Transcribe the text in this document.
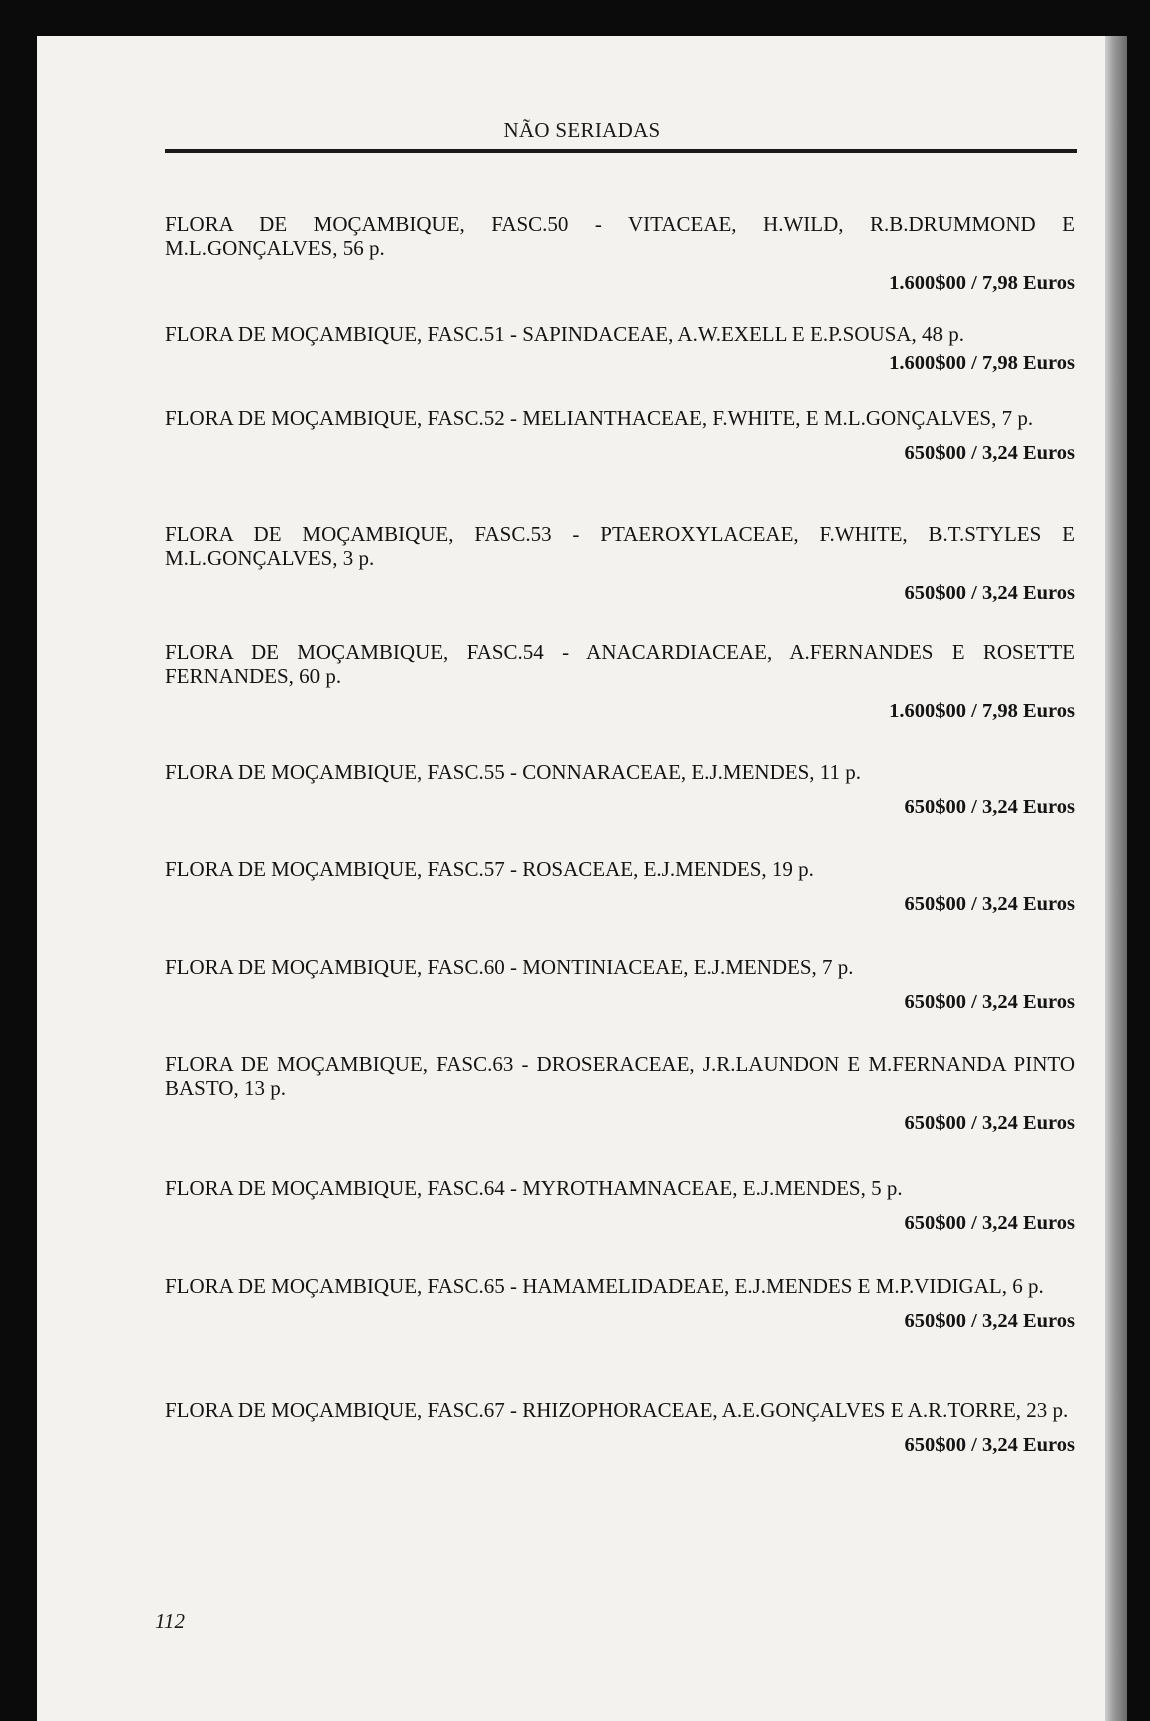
NÃO SERIADAS
FLORA DE MOÇAMBIQUE, FASC.50 - VITACEAE, H.WILD, R.B.DRUMMOND E M.L.GONÇALVES, 56 p.
1.600$00 / 7,98 Euros
FLORA DE MOÇAMBIQUE, FASC.51 - SAPINDACEAE, A.W.EXELL E E.P.SOUSA, 48 p.
1.600$00 / 7,98 Euros
FLORA DE MOÇAMBIQUE, FASC.52 - MELIANTHACEAE, F.WHITE, E M.L.GONÇALVES, 7 p.
650$00 / 3,24 Euros
FLORA DE MOÇAMBIQUE, FASC.53 - PTAEROXYLACEAE, F.WHITE, B.T.STYLES E M.L.GONÇALVES, 3 p.
650$00 / 3,24 Euros
FLORA DE MOÇAMBIQUE, FASC.54 - ANACARDIACEAE, A.FERNANDES E ROSETTE FERNANDES, 60 p.
1.600$00 / 7,98 Euros
FLORA DE MOÇAMBIQUE, FASC.55 - CONNARACEAE, E.J.MENDES, 11 p.
650$00 / 3,24 Euros
FLORA DE MOÇAMBIQUE, FASC.57 - ROSACEAE, E.J.MENDES, 19 p.
650$00 / 3,24 Euros
FLORA DE MOÇAMBIQUE, FASC.60 - MONTINIACEAE, E.J.MENDES, 7 p.
650$00 / 3,24 Euros
FLORA DE MOÇAMBIQUE, FASC.63 - DROSERACEAE, J.R.LAUNDON E M.FERNANDA PINTO BASTO, 13 p.
650$00 / 3,24 Euros
FLORA DE MOÇAMBIQUE, FASC.64 - MYROTHAMNACEAE, E.J.MENDES, 5 p.
650$00 / 3,24 Euros
FLORA DE MOÇAMBIQUE, FASC.65 - HAMAMELIDADEAE, E.J.MENDES E M.P.VIDIGAL, 6 p.
650$00 / 3,24 Euros
FLORA DE MOÇAMBIQUE, FASC.67 - RHIZOPHORACEAE, A.E.GONÇALVES E A.R.TORRE, 23 p.
650$00 / 3,24 Euros
112
